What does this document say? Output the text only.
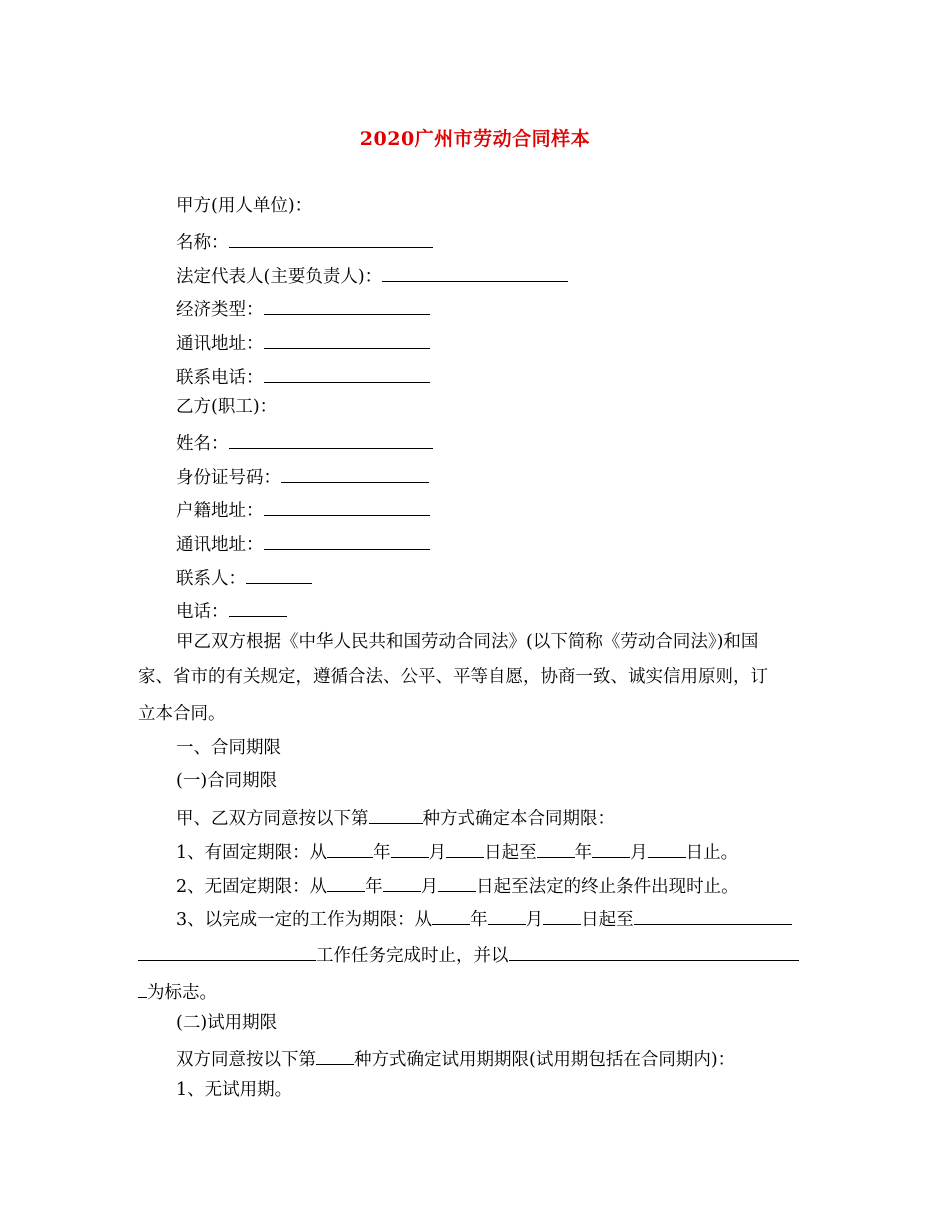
2020广州市劳动合同样本
甲方(用人单位)：
名称：
法定代表人(主要负责人)：
经济类型：
通讯地址：
联系电话：
乙方(职工)：
姓名：
身份证号码：
户籍地址：
通讯地址：
联系人：
电话：
甲乙双方根据《中华人民共和国劳动合同法》(以下简称《劳动合同法》)和国
家、省市的有关规定，遵循合法、公平、平等自愿，协商一致、诚实信用原则，订
立本合同。
一、合同期限
(一)合同期限
甲、乙双方同意按以下第	种方式确定本合同期限：
1、有固定期限：从	年 月 日起至 年 月 日止。
2、无固定期限：从 年 月 日起至法定的终止条件出现时止。
3、以完成一定的工作为期限：从 年 月 日起至
工作任务完成时止，并以
为标志。
(二)试用期限
双方同意按以下第 种方式确定试用期期限(试用期包括在合同期内)：
1、无试用期。
